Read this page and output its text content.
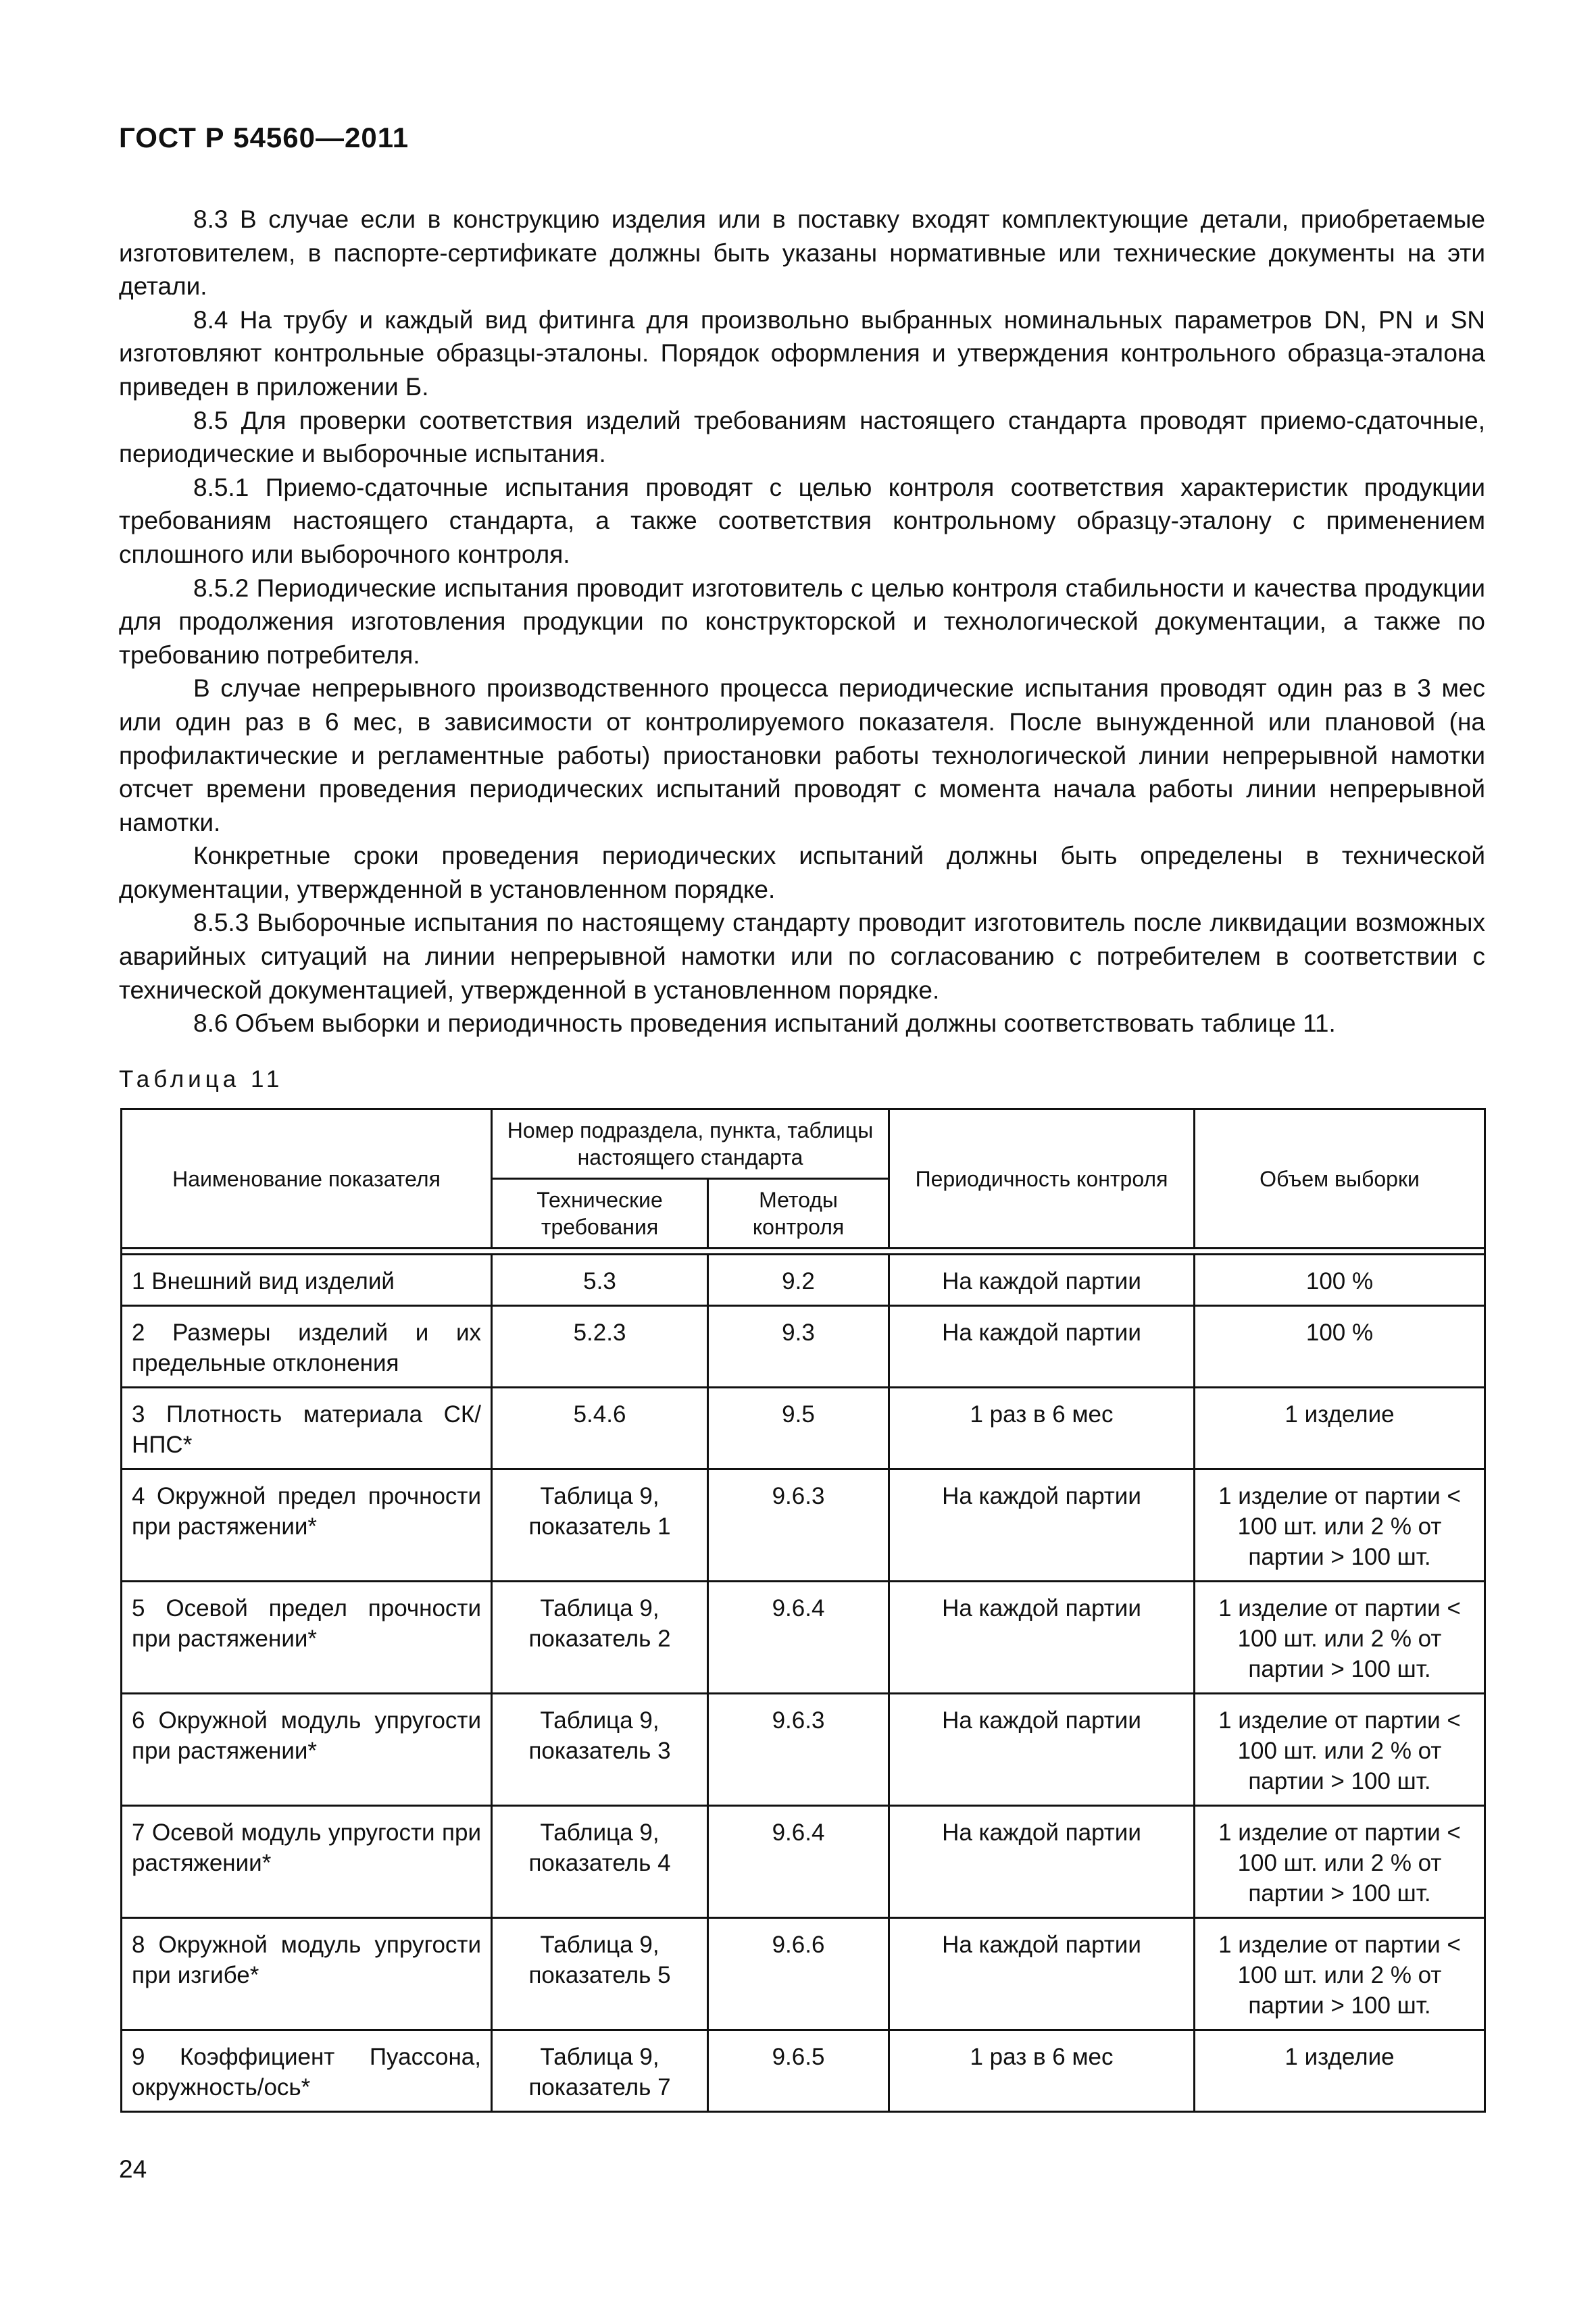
ГОСТ Р 54560—2011

8.3 В случае если в конструкцию изделия или в поставку входят комплектующие детали, приобретаемые изготовителем, в паспорте-сертификате должны быть указаны нормативные или технические документы на эти детали.

8.4 На трубу и каждый вид фитинга для произвольно выбранных номинальных параметров DN, PN и SN изготовляют контрольные образцы-эталоны. Порядок оформления и утверждения контрольного образца-эталона приведен в приложении Б.

8.5 Для проверки соответствия изделий требованиям настоящего стандарта проводят приемо-сдаточные, периодические и выборочные испытания.

8.5.1 Приемо-сдаточные испытания проводят с целью контроля соответствия характеристик продукции требованиям настоящего стандарта, а также соответствия контрольному образцу-эталону с применением сплошного или выборочного контроля.

8.5.2 Периодические испытания проводит изготовитель с целью контроля стабильности и качества продукции для продолжения изготовления продукции по конструкторской и технологической документации, а также по требованию потребителя.

В случае непрерывного производственного процесса периодические испытания проводят один раз в 3 мес или один раз в 6 мес, в зависимости от контролируемого показателя. После вынужденной или плановой (на профилактические и регламентные работы) приостановки работы технологической линии непрерывной намотки отсчет времени проведения периодических испытаний проводят с момента начала работы линии непрерывной намотки.

Конкретные сроки проведения периодических испытаний должны быть определены в технической документации, утвержденной в установленном порядке.

8.5.3 Выборочные испытания по настоящему стандарту проводит изготовитель после ликвидации возможных аварийных ситуаций на линии непрерывной намотки или по согласованию с потребителем в соответствии с технической документацией, утвержденной в установленном порядке.

8.6 Объем выборки и периодичность проведения испытаний должны соответствовать таблице 11.

Таблица 11
Наименование показателя	Номер подраздела, пункта, таблицы настоящего стандарта		Периодичность контроля	Объем выборки
	Технические требования	Методы контроля		

1 Внешний вид изделий	5.3	9.2	На каждой партии	100 %
2 Размеры изделий и их предельные отклонения	5.2.3	9.3	На каждой партии	100 %
3 Плотность материала СК/НПС*	5.4.6	9.5	1 раз в 6 мес	1 изделие
4 Окружной предел прочности при растяжении*	Таблица 9, показатель 1	9.6.3	На каждой партии	1 изделие от партии < 100 шт. или 2 % от партии > 100 шт.
5 Осевой предел прочности при растяжении*	Таблица 9, показатель 2	9.6.4	На каждой партии	1 изделие от партии < 100 шт. или 2 % от партии > 100 шт.
6 Окружной модуль упругости при растяжении*	Таблица 9, показатель 3	9.6.3	На каждой партии	1 изделие от партии < 100 шт. или 2 % от партии > 100 шт.
7 Осевой модуль упругости при растяжении*	Таблица 9, показатель 4	9.6.4	На каждой партии	1 изделие от партии < 100 шт. или 2 % от партии > 100 шт.
8 Окружной модуль упругости при изгибе*	Таблица 9, показатель 5	9.6.6	На каждой партии	1 изделие от партии < 100 шт. или 2 % от партии > 100 шт.
9 Коэффициент Пуассона, окружность/ось*	Таблица 9, показатель 7	9.6.5	1 раз в 6 мес	1 изделие
24
